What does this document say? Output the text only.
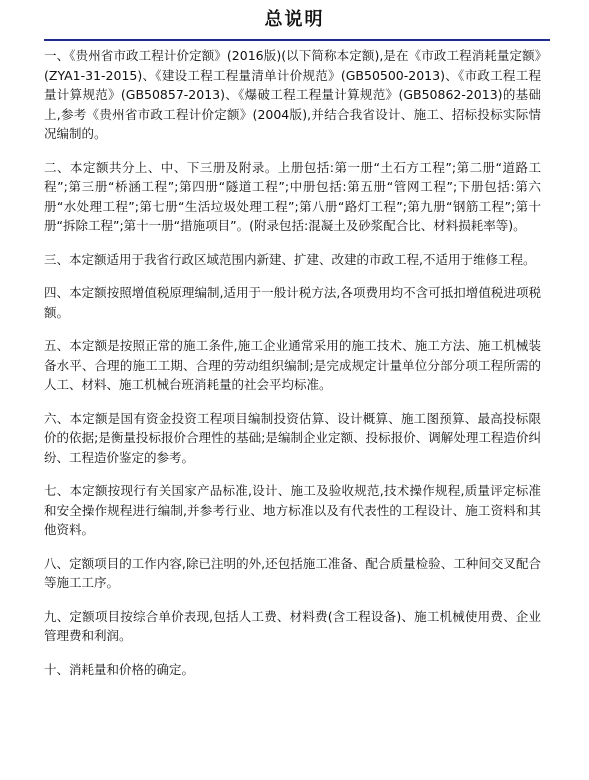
总说明

一、《贵州省市政工程计价定额》(2016版)(以下简称本定额),是在《市政工程消耗量定额》(ZYA1-31-2015)、《建设工程工程量清单计价规范》(GB50500-2013)、《市政工程工程量计算规范》(GB50857-2013)、《爆破工程工程量计算规范》(GB50862-2013)的基础上,参考《贵州省市政工程计价定额》(2004版),并结合我省设计、施工、招标投标实际情况编制的。

二、本定额共分上、中、下三册及附录。上册包括:第一册“土石方工程”;第二册“道路工程”;第三册“桥涵工程”;第四册“隧道工程”;中册包括:第五册“管网工程”;下册包括:第六册“水处理工程”;第七册“生活垃圾处理工程”;第八册“路灯工程”;第九册“钢筋工程”;第十册“拆除工程”;第十一册“措施项目”。(附录包括:混凝土及砂浆配合比、材料损耗率等)。

三、本定额适用于我省行政区域范围内新建、扩建、改建的市政工程,不适用于维修工程。

四、本定额按照增值税原理编制,适用于一般计税方法,各项费用均不含可抵扣增值税进项税额。

五、本定额是按照正常的施工条件,施工企业通常采用的施工技术、施工方法、施工机械装备水平、合理的施工工期、合理的劳动组织编制;是完成规定计量单位分部分项工程所需的人工、材料、施工机械台班消耗量的社会平均标准。

六、本定额是国有资金投资工程项目编制投资估算、设计概算、施工图预算、最高投标限价的依据;是衡量投标报价合理性的基础;是编制企业定额、投标报价、调解处理工程造价纠纷、工程造价鉴定的参考。

七、本定额按现行有关国家产品标准,设计、施工及验收规范,技术操作规程,质量评定标准和安全操作规程进行编制,并参考行业、地方标准以及有代表性的工程设计、施工资料和其他资料。

八、定额项目的工作内容,除已注明的外,还包括施工准备、配合质量检验、工种间交叉配合等施工工序。

九、定额项目按综合单价表现,包括人工费、材料费(含工程设备)、施工机械使用费、企业管理费和利润。

十、消耗量和价格的确定。
